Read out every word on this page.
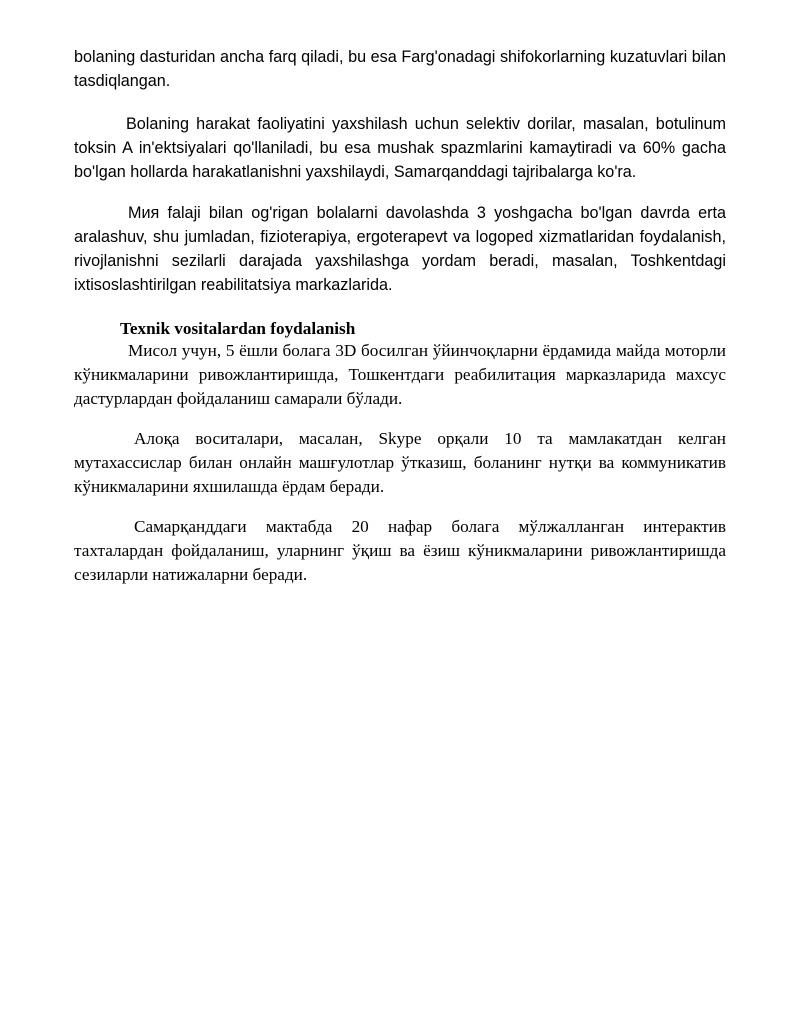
bolaning dasturidan ancha farq qiladi, bu esa Farg'onadagi shifokorlarning kuzatuvlari bilan tasdiqlangan.

Bolaning harakat faoliyatini yaxshilash uchun selektiv dorilar, masalan, botulinum toksin A in'ektsiyalari qo'llaniladi, bu esa mushak spazmlarini kamaytiradi va 60% gacha bo'lgan hollarda harakatlanishni yaxshilaydi, Samarqanddagi tajribalarga ko'ra.

Мия falaji bilan og'rigan bolalarni davolashda 3 yoshgacha bo'lgan davrda erta aralashuv, shu jumladan, fizioterapiya, ergoterapevt va logoped xizmatlaridan foydalanish, rivojlanishni sezilarli darajada yaxshilashga yordam beradi, masalan, Toshkentdagi ixtisoslashtirilgan reabilitatsiya markazlarida.

Texnik vositalardan foydalanish

Мисол учун, 5 ёшли болага 3D босилган ўйинчоқларни ёрдамида майда моторли кўникмаларини ривожлантиришда, Тошкентдаги реабилитация марказларида махсус дастурлардан фойдаланиш самарали бўлади.

Алоқа воситалари, масалан, Skype орқали 10 та мамлакатдан келган мутахассислар билан онлайн машғулотлар ўтказиш, боланинг нутқи ва коммуникатив кўникмаларини яхшилашда ёрдам беради.

Самарқанддаги мактабда 20 нафар болага мўлжалланган интерактив тахталардан фойдаланиш, уларнинг ўқиш ва ёзиш кўникмаларини ривожлантиришда сезиларли натижаларни беради.
